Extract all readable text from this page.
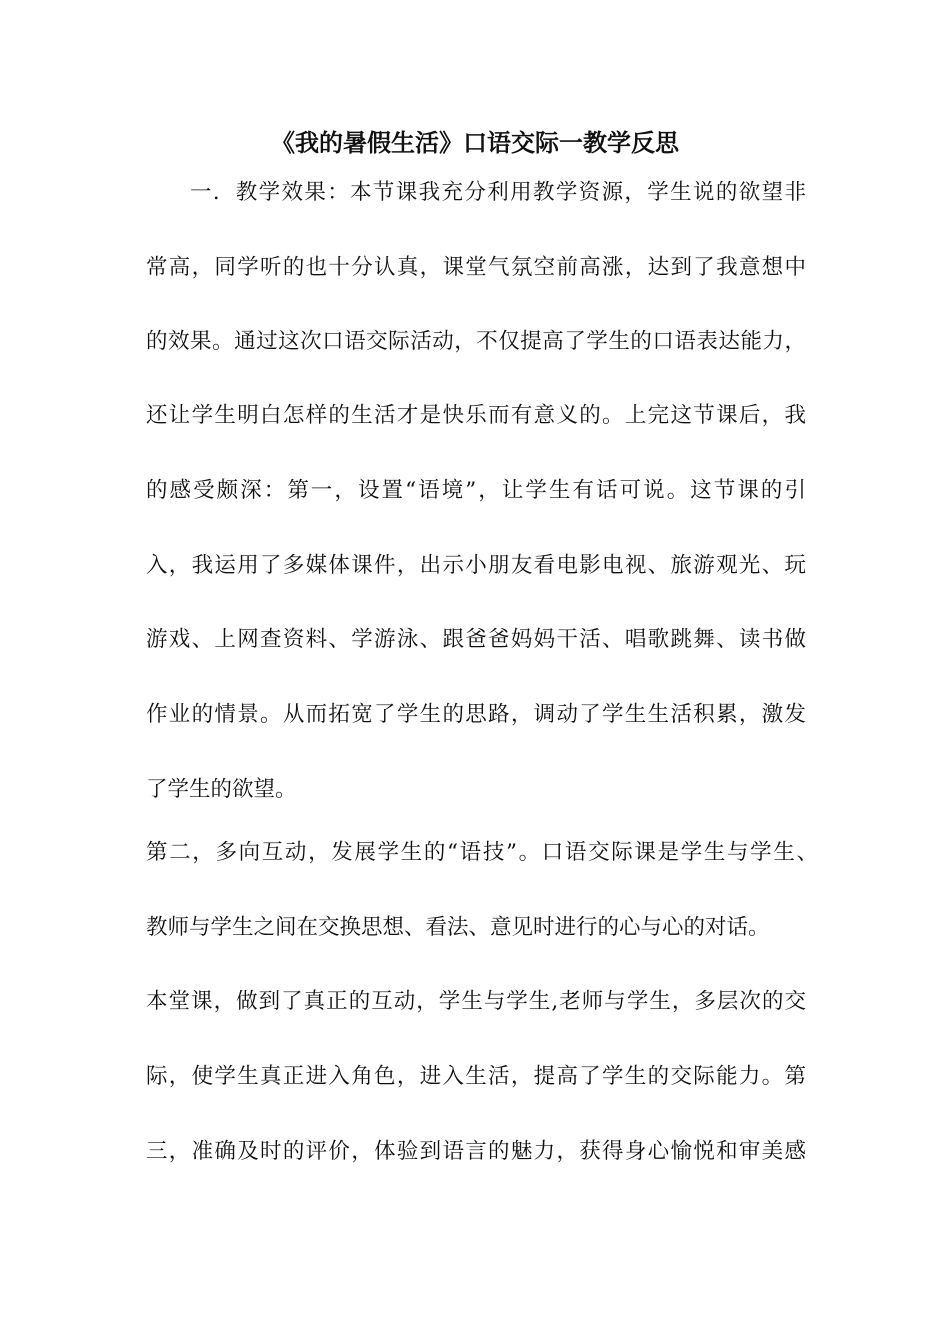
《我的暑假生活》口语交际一教学反思
一．教学效果：本节课我充分利用教学资源，学生说的欲望非
常高，同学听的也十分认真，课堂气氛空前高涨，达到了我意想中
的效果。通过这次口语交际活动，不仅提高了学生的口语表达能力，
还让学生明白怎样的生活才是快乐而有意义的。上完这节课后，我
的感受颇深：第一，设置“语境”，让学生有话可说。这节课的引
入，我运用了多媒体课件，出示小朋友看电影电视、旅游观光、玩
游戏、上网查资料、学游泳、跟爸爸妈妈干活、唱歌跳舞、读书做
作业的情景。从而拓宽了学生的思路，调动了学生生活积累，激发
了学生的欲望。
第二，多向互动，发展学生的“语技”。口语交际课是学生与学生、
教师与学生之间在交换思想、看法、意见时进行的心与心的对话。
本堂课，做到了真正的互动，学生与学生,老师与学生，多层次的交
际，使学生真正进入角色，进入生活，提高了学生的交际能力。第
三，准确及时的评价，体验到语言的魅力，获得身心愉悦和审美感
